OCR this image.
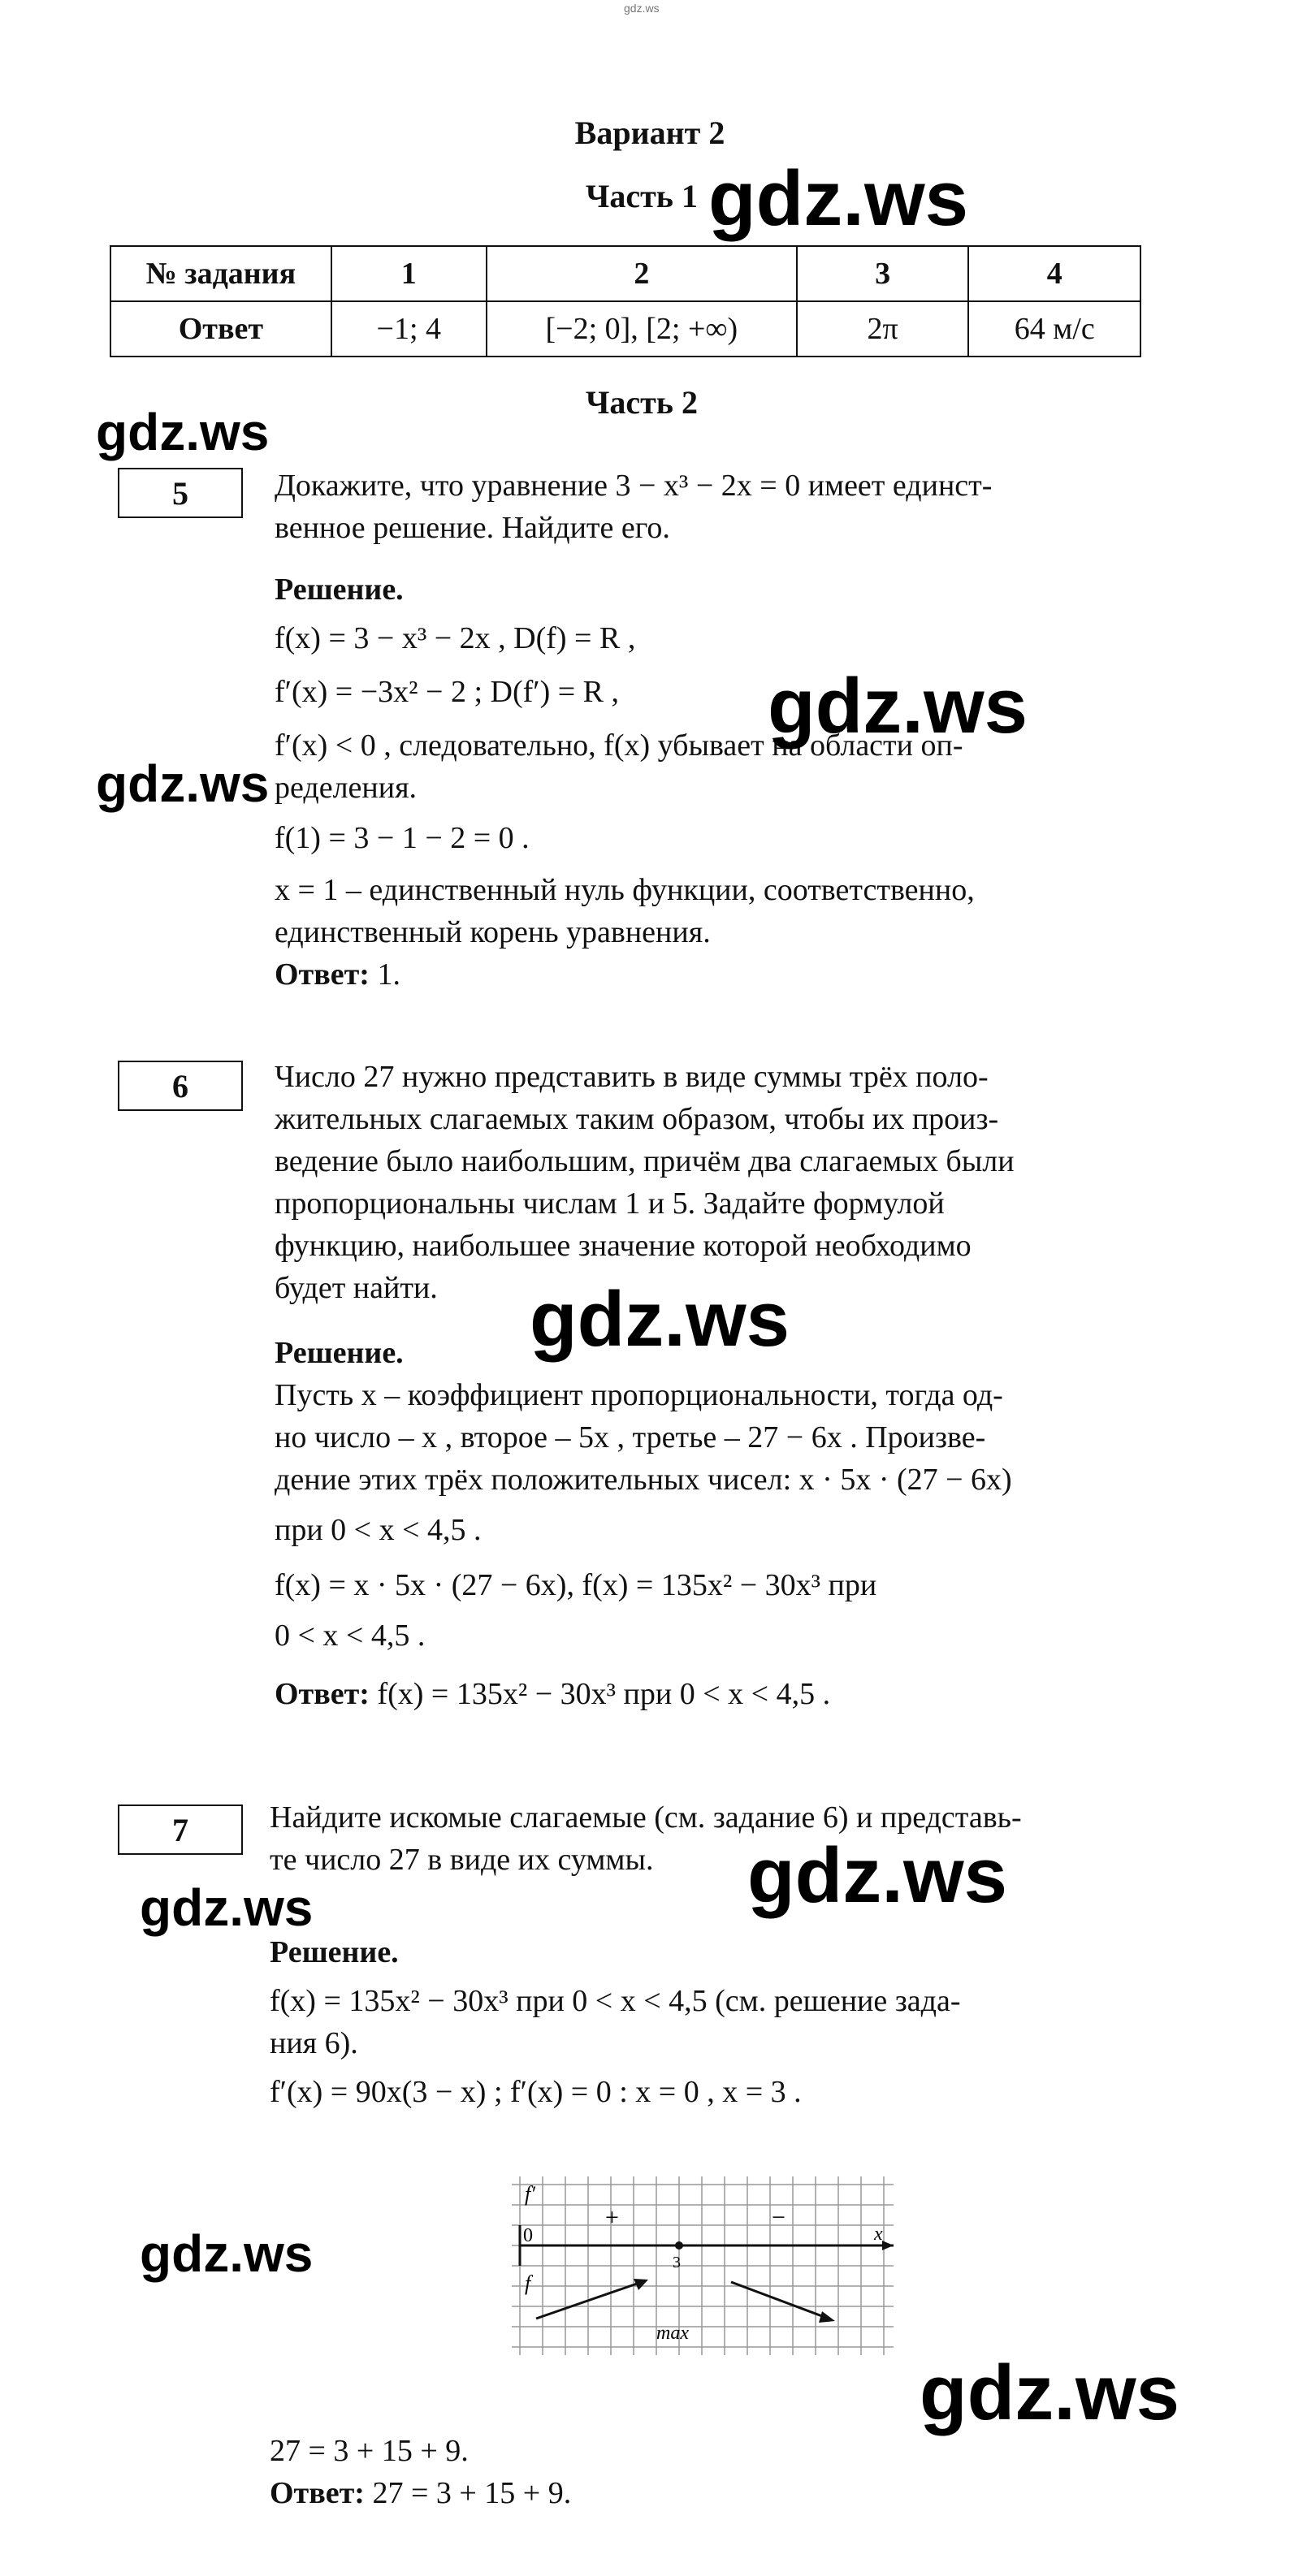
gdz.ws
Вариант 2
Часть 1
№ задания	1	2	3	4
Ответ	−1; 4	[−2; 0], [2; +∞)	2π	64 м/с
Часть 2
5	Докажите, что уравнение 3 − x³ − 2x = 0 имеет единст-

венное решение. Найдите его.

Решение.

f(x) = 3 − x³ − 2x , D(f) = R ,

f′(x) = −3x² − 2 ; D(f′) = R ,

f′(x) < 0 , следовательно, f(x) убывает на области оп-

ределения.

f(1) = 3 − 1 − 2 = 0 .

x = 1 – единственный нуль функции, соответственно,

единственный корень уравнения.

Ответ: 1.

6	Число 27 нужно представить в виде суммы трёх поло-

жительных слагаемых таким образом, чтобы их произ-

ведение было наибольшим, причём два слагаемых были

пропорциональны числам 1 и 5. Задайте формулой

функцию, наибольшее значение которой необходимо

будет найти.

Решение.

Пусть x – коэффициент пропорциональности, тогда од-

но число – x , второе – 5x , третье – 27 − 6x . Произве-

дение этих трёх положительных чисел: x · 5x · (27 − 6x)

при 0 < x < 4,5 .

f(x) = x · 5x · (27 − 6x), f(x) = 135x² − 30x³ при

0 < x < 4,5 .

Ответ: f(x) = 135x² − 30x³ при 0 < x < 4,5 .

7	Найдите искомые слагаемые (см. задание 6) и представь-

те число 27 в виде их суммы.

Решение.

f(x) = 135x² − 30x³ при 0 < x < 4,5 (см. решение зада-

ния 6).

f′(x) = 90x(3 − x) ; f′(x) = 0 : x = 0 , x = 3 .

f′
0
f
+	−
x
3
max

27 = 3 + 15 + 9.

Ответ: 27 = 3 + 15 + 9.

gdz.ws
gdz.ws
gdz.ws
gdz.ws
gdz.ws
gdz.ws
gdz.ws
gdz.ws
gdz.ws
